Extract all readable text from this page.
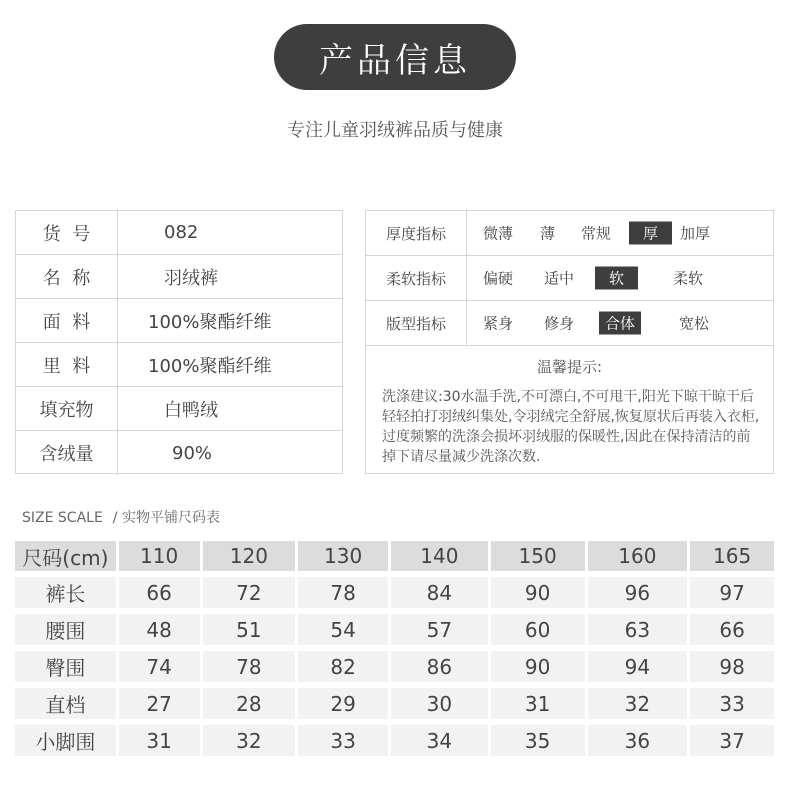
产品信息
专注儿童羽绒裤品质与健康
货  号	082
名  称	羽绒裤
面  料	100%聚酯纤维
里  料	100%聚酯纤维
填充物	白鸭绒
含绒量	90%
厚度指标	微薄 薄 常规	厚	加厚
柔软指标	偏硬 适中	软	柔软
版型指标	紧身 修身	合体	宽松
温馨提示:
洗涤建议:30水温手洗,不可漂白,不可甩干,阳光下晾干晾干后轻轻拍打羽绒纠集处,令羽绒完全舒展,恢复原状后再装入衣柜,过度频繁的洗涤会损坏羽绒服的保暖性,因此在保持清洁的前掉下请尽量减少洗涤次数.
SIZE SCALE / 实物平铺尺码表
尺码(cm)	110	120	130	140	150	160	165
裤长	66	72	78	84	90	96	97
腰围	48	51	54	57	60	63	66
臀围	74	78	82	86	90	94	98
直档	27	28	29	30	31	32	33
小脚围	31	32	33	34	35	36	37
